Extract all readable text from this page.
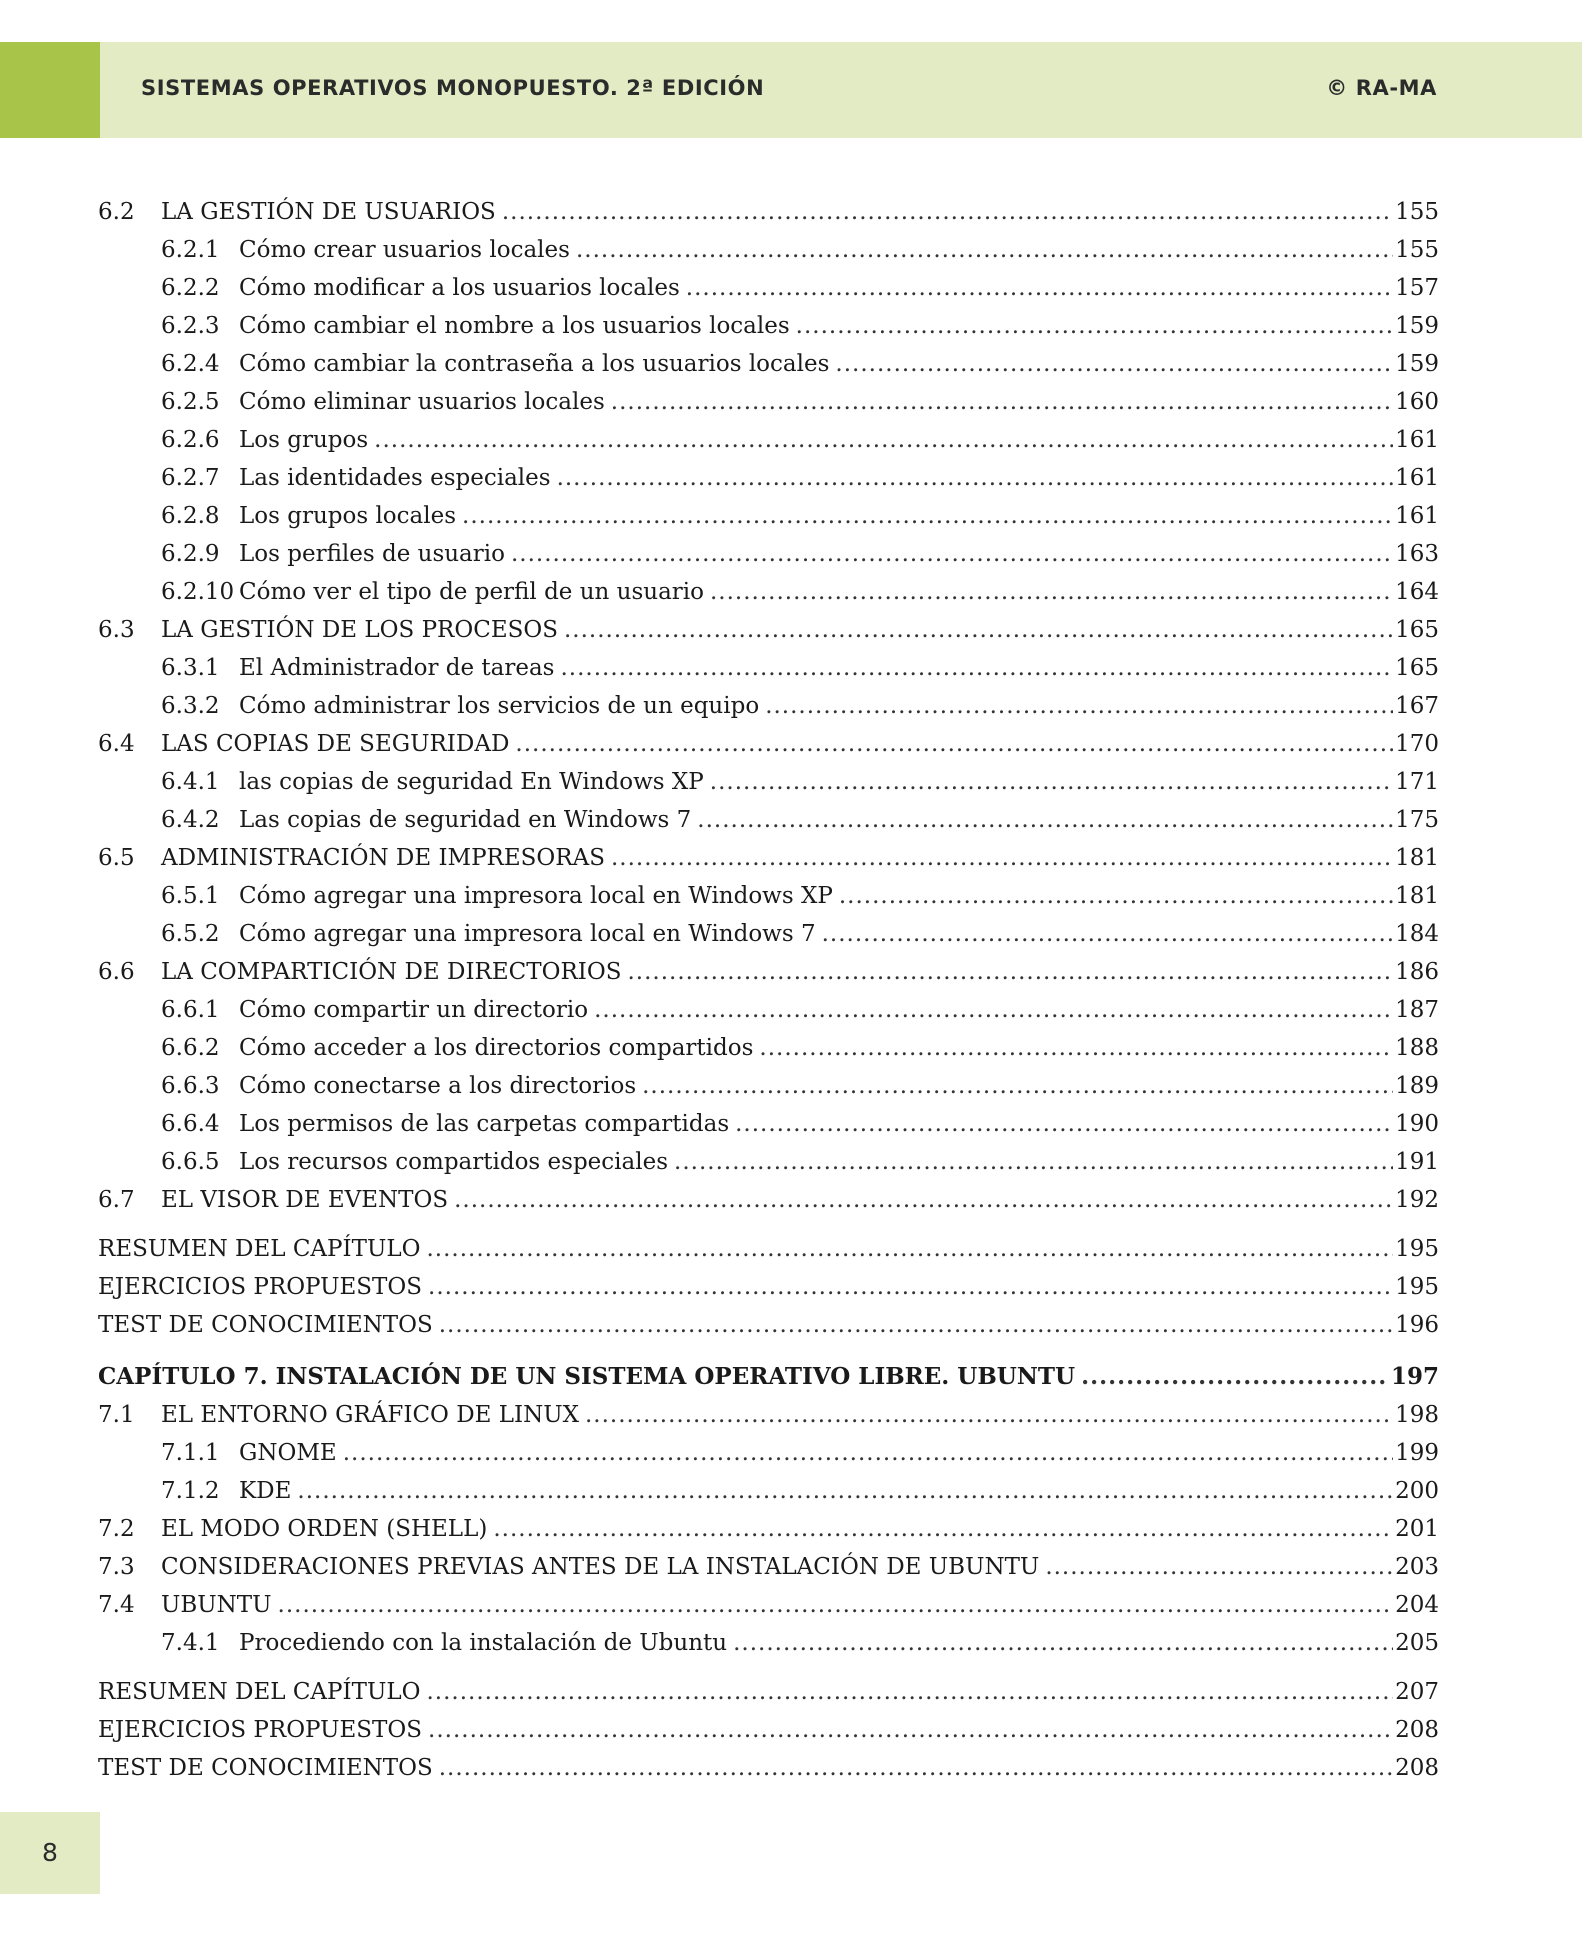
SISTEMAS OPERATIVOS MONOPUESTO. 2ª EDICIÓN	© RA-MA
6.2	LA GESTIÓN DE USUARIOS .....	155
6.2.1 Cómo crear usuarios locales .....	155
6.2.2 Cómo modificar a los usuarios locales .....	157
6.2.3 Cómo cambiar el nombre a los usuarios locales .....	159
6.2.4 Cómo cambiar la contraseña a los usuarios locales .....	159
6.2.5 Cómo eliminar usuarios locales .....	160
6.2.6 Los grupos .....	161
6.2.7 Las identidades especiales .....	161
6.2.8 Los grupos locales .....	161
6.2.9 Los perfiles de usuario .....	163
6.2.10 Cómo ver el tipo de perfil de un usuario .....	164
6.3	LA GESTIÓN DE LOS PROCESOS .....	165
6.3.1 El Administrador de tareas .....	165
6.3.2 Cómo administrar los servicios de un equipo .....	167
6.4	LAS COPIAS DE SEGURIDAD .....	170
6.4.1 las copias de seguridad En Windows XP .....	171
6.4.2 Las copias de seguridad en Windows 7 .....	175
6.5	ADMINISTRACIÓN DE IMPRESORAS .....	181
6.5.1 Cómo agregar una impresora local en Windows XP .....	181
6.5.2 Cómo agregar una impresora local en Windows 7 .....	184
6.6	LA COMPARTICIÓN DE DIRECTORIOS .....	186
6.6.1 Cómo compartir un directorio .....	187
6.6.2 Cómo acceder a los directorios compartidos .....	188
6.6.3 Cómo conectarse a los directorios .....	189
6.6.4 Los permisos de las carpetas compartidas .....	190
6.6.5 Los recursos compartidos especiales .....	191
6.7	EL VISOR DE EVENTOS .....	192
RESUMEN DEL CAPÍTULO .....	195
EJERCICIOS PROPUESTOS .....	195
TEST DE CONOCIMIENTOS .....	196
CAPÍTULO 7. INSTALACIÓN DE UN SISTEMA OPERATIVO LIBRE. UBUNTU .....	197
7.1	EL ENTORNO GRÁFICO DE LINUX .....	198
7.1.1 GNOME .....	199
7.1.2 KDE .....	200
7.2	EL MODO ORDEN (SHELL) .....	201
7.3	CONSIDERACIONES PREVIAS ANTES DE LA INSTALACIÓN DE UBUNTU .....	203
7.4	UBUNTU .....	204
7.4.1 Procediendo con la instalación de Ubuntu .....	205
RESUMEN DEL CAPÍTULO .....	207
EJERCICIOS PROPUESTOS .....	208
TEST DE CONOCIMIENTOS .....	208
8
